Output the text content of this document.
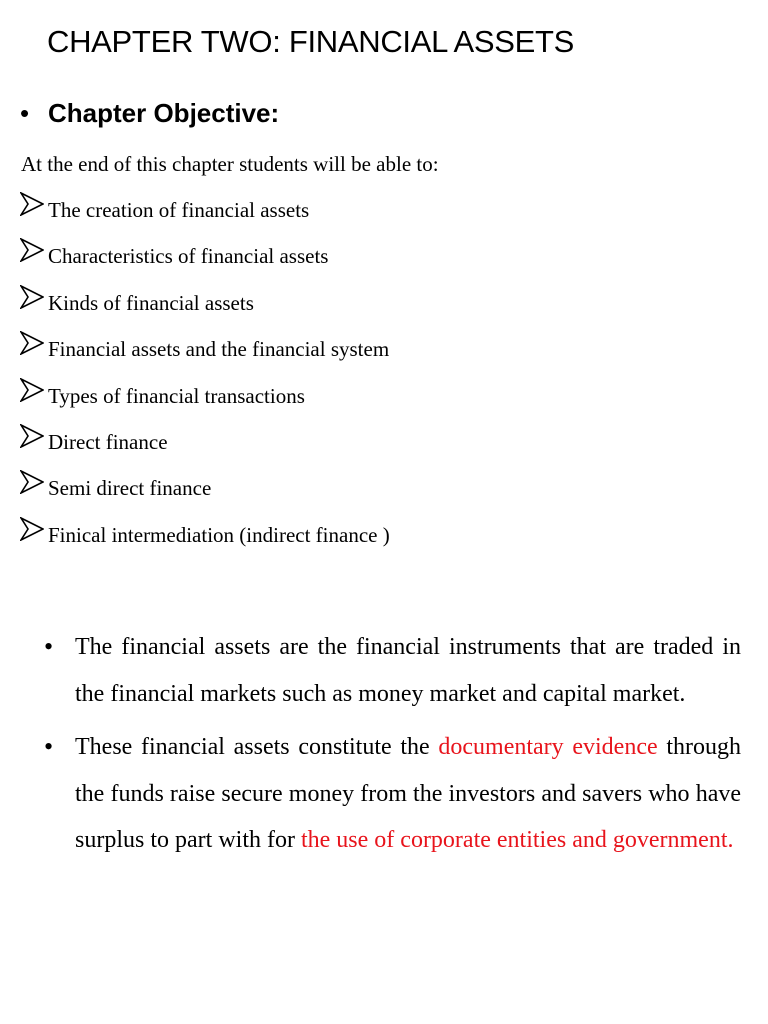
CHAPTER TWO: FINANCIAL ASSETS
• Chapter Objective:
At the end of this chapter students will be able to:
The creation of financial assets
Characteristics of financial assets
Kinds of financial assets
Financial assets and the financial system
Types of financial transactions
Direct finance
Semi direct finance
Finical intermediation (indirect finance )
• The financial assets are the financial instruments that are traded in the financial markets such as money market and capital market.
• These financial assets constitute the documentary evidence through the funds raise secure money from the investors and savers who have surplus to part with for the use of corporate entities and government.
